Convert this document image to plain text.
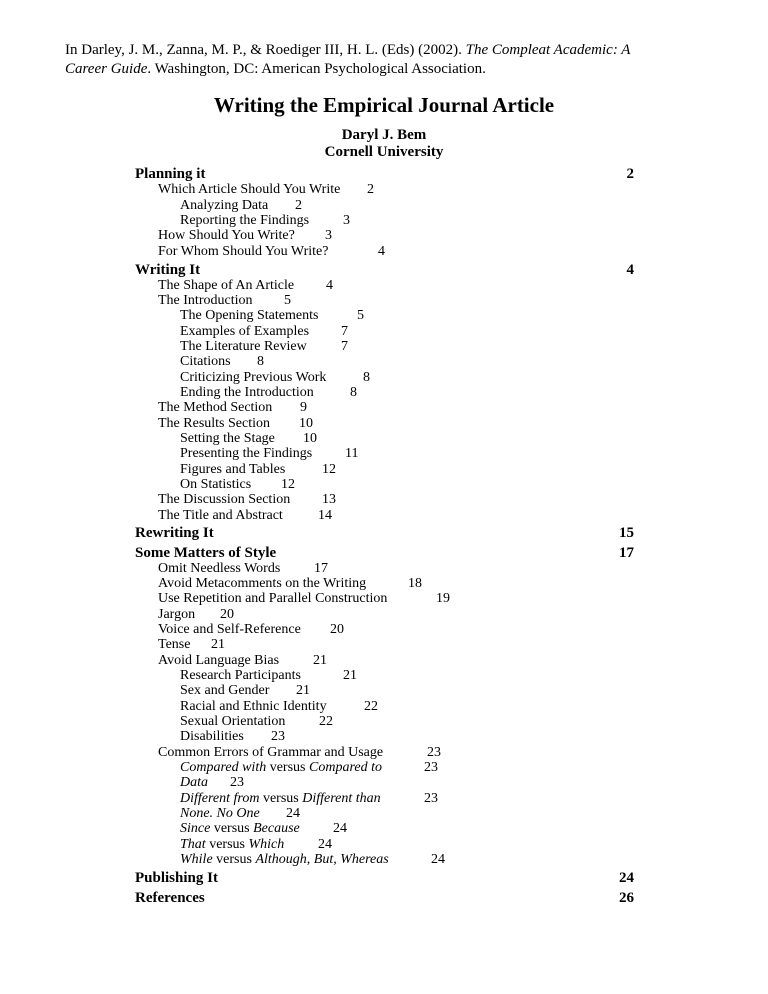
In Darley, J. M., Zanna, M. P., & Roediger III, H. L. (Eds) (2002). The Compleat Academic: A
Career Guide. Washington, DC: American Psychological Association.
Writing the Empirical Journal Article
Daryl J. Bem
Cornell University
Planning it	2
Which Article Should You Write 2
Analyzing Data 2
Reporting the Findings 3
How Should You Write? 3
For Whom Should You Write?	4
Writing It	4
The Shape of An Article 4
The Introduction 5
The Opening Statements	5
Examples of Examples 7
The Literature Review 7
Citations 8
Criticizing Previous Work	8
Ending the Introduction	8
The Method Section 9
The Results Section 10
Setting the Stage 10
Presenting the Findings 11
Figures and Tables	12
On Statistics 12
The Discussion Section 13
The Title and Abstract	14
Rewriting It	15
Some Matters of Style	17
Omit Needless Words 17
Avoid Metacomments on the Writing	18
Use Repetition and Parallel Construction	19
Jargon 20
Voice and Self-Reference 20
Tense 21
Avoid Language Bias 21
Research Participants	21
Sex and Gender 21
Racial and Ethnic Identity	22
Sexual Orientation 22
Disabilities 23
Common Errors of Grammar and Usage	23
Compared with versus Compared to	23
Data 23
Different from versus Different than	23
None. No One 24
Since versus Because 24
That versus Which 24
While versus Although, But, Whereas	24
Publishing It	24
References	26
